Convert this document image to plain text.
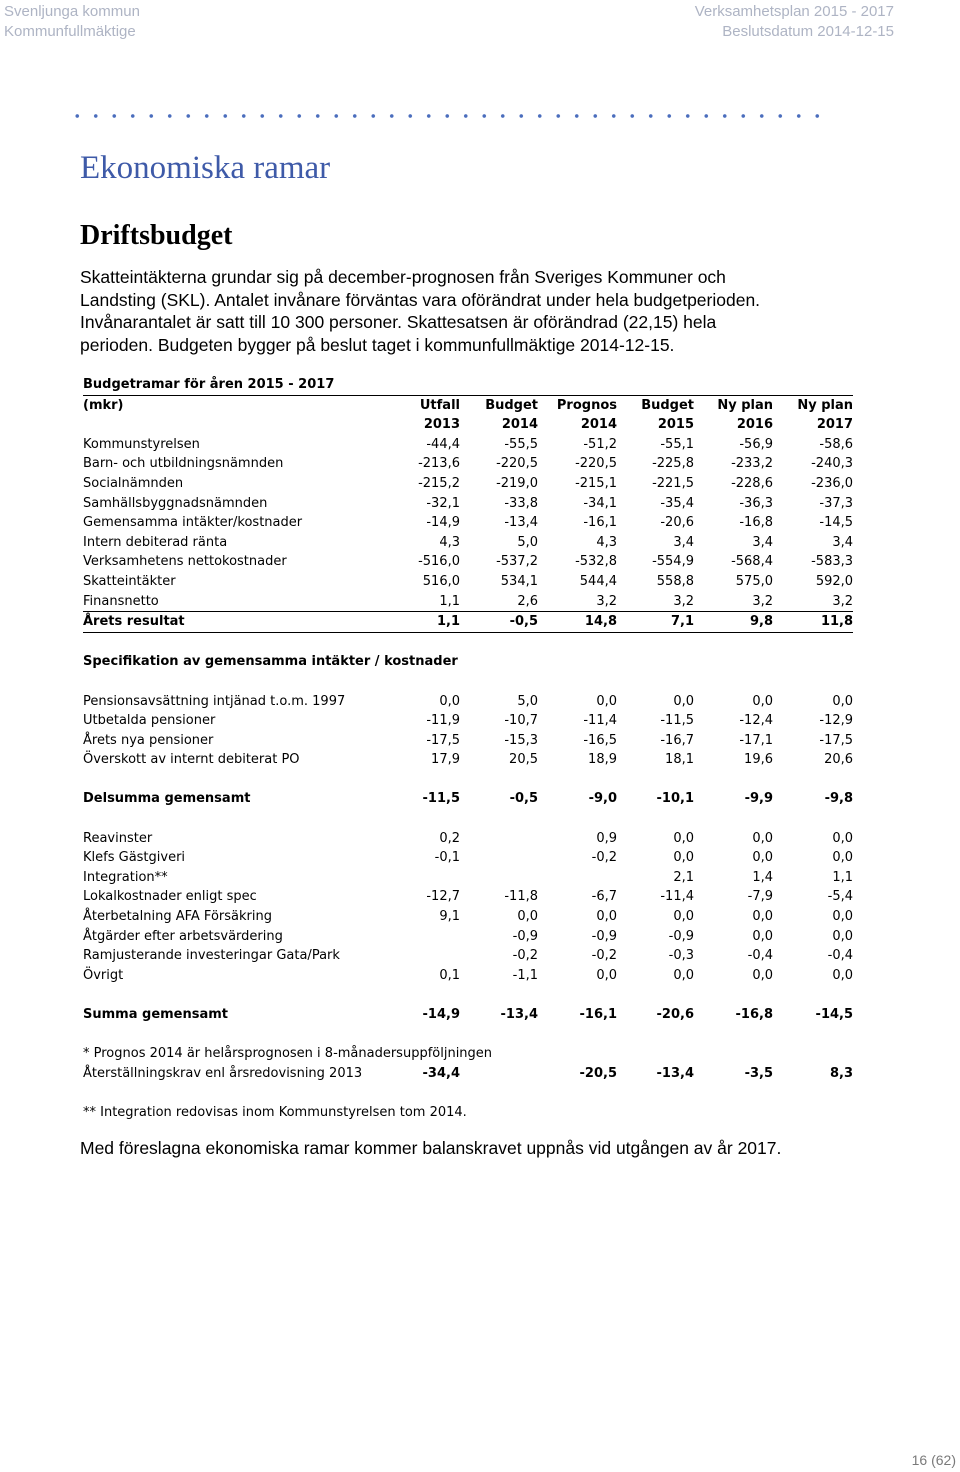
Svenljunga kommun
Kommunfullmäktige
Verksamhetsplan 2015 - 2017
Beslutsdatum 2014-12-15
Ekonomiska ramar
Driftsbudget
Skatteintäkterna grundar sig på december-prognosen från Sveriges Kommuner och Landsting (SKL). Antalet invånare förväntas vara oförändrat under hela budgetperioden. Invånarantalet är satt till 10 300 personer. Skattesatsen är oförändrad (22,15) hela perioden. Budgeten bygger på beslut taget i kommunfullmäktige 2014-12-15.
Budgetramar för åren 2015 - 2017						
(mkr)	Utfall	Budget	Prognos	Budget	Ny plan	Ny plan
	2013	2014	2014	2015	2016	2017
Kommunstyrelsen	-44,4	-55,5	-51,2	-55,1	-56,9	-58,6
Barn- och utbildningsnämnden	-213,6	-220,5	-220,5	-225,8	-233,2	-240,3
Socialnämnden	-215,2	-219,0	-215,1	-221,5	-228,6	-236,0
Samhällsbyggnadsnämnden	-32,1	-33,8	-34,1	-35,4	-36,3	-37,3
Gemensamma intäkter/kostnader	-14,9	-13,4	-16,1	-20,6	-16,8	-14,5
Intern debiterad ränta	4,3	5,0	4,3	3,4	3,4	3,4
Verksamhetens nettokostnader	-516,0	-537,2	-532,8	-554,9	-568,4	-583,3
Skatteintäkter	516,0	534,1	544,4	558,8	575,0	592,0
Finansnetto	1,1	2,6	3,2	3,2	3,2	3,2
Årets resultat	1,1	-0,5	14,8	7,1	9,8	11,8

Specifikation av gemensamma intäkter / kostnader						

Pensionsavsättning intjänad t.o.m. 1997	0,0	5,0	0,0	0,0	0,0	0,0
Utbetalda pensioner	-11,9	-10,7	-11,4	-11,5	-12,4	-12,9
Årets nya pensioner	-17,5	-15,3	-16,5	-16,7	-17,1	-17,5
Överskott av internt debiterat PO	17,9	20,5	18,9	18,1	19,6	20,6

Delsumma gemensamt	-11,5	-0,5	-9,0	-10,1	-9,9	-9,8

Reavinster	0,2		0,9	0,0	0,0	0,0
Klefs Gästgiveri	-0,1		-0,2	0,0	0,0	0,0
Integration**				2,1	1,4	1,1
Lokalkostnader enligt spec	-12,7	-11,8	-6,7	-11,4	-7,9	-5,4
Återbetalning AFA Försäkring	9,1	0,0	0,0	0,0	0,0	0,0
Åtgärder efter arbetsvärdering		-0,9	-0,9	-0,9	0,0	0,0
Ramjusterande investeringar Gata/Park		-0,2	-0,2	-0,3	-0,4	-0,4
Övrigt	0,1	-1,1	0,0	0,0	0,0	0,0

Summa gemensamt	-14,9	-13,4	-16,1	-20,6	-16,8	-14,5

* Prognos 2014 är helårsprognosen i 8-månadersuppföljningen						
Återställningskrav enl årsredovisning 2013	-34,4		-20,5	-13,4	-3,5	8,3

** Integration redovisas inom Kommunstyrelsen tom 2014.						
Med föreslagna ekonomiska ramar kommer balanskravet uppnås vid utgången av år 2017.
16 (62)
